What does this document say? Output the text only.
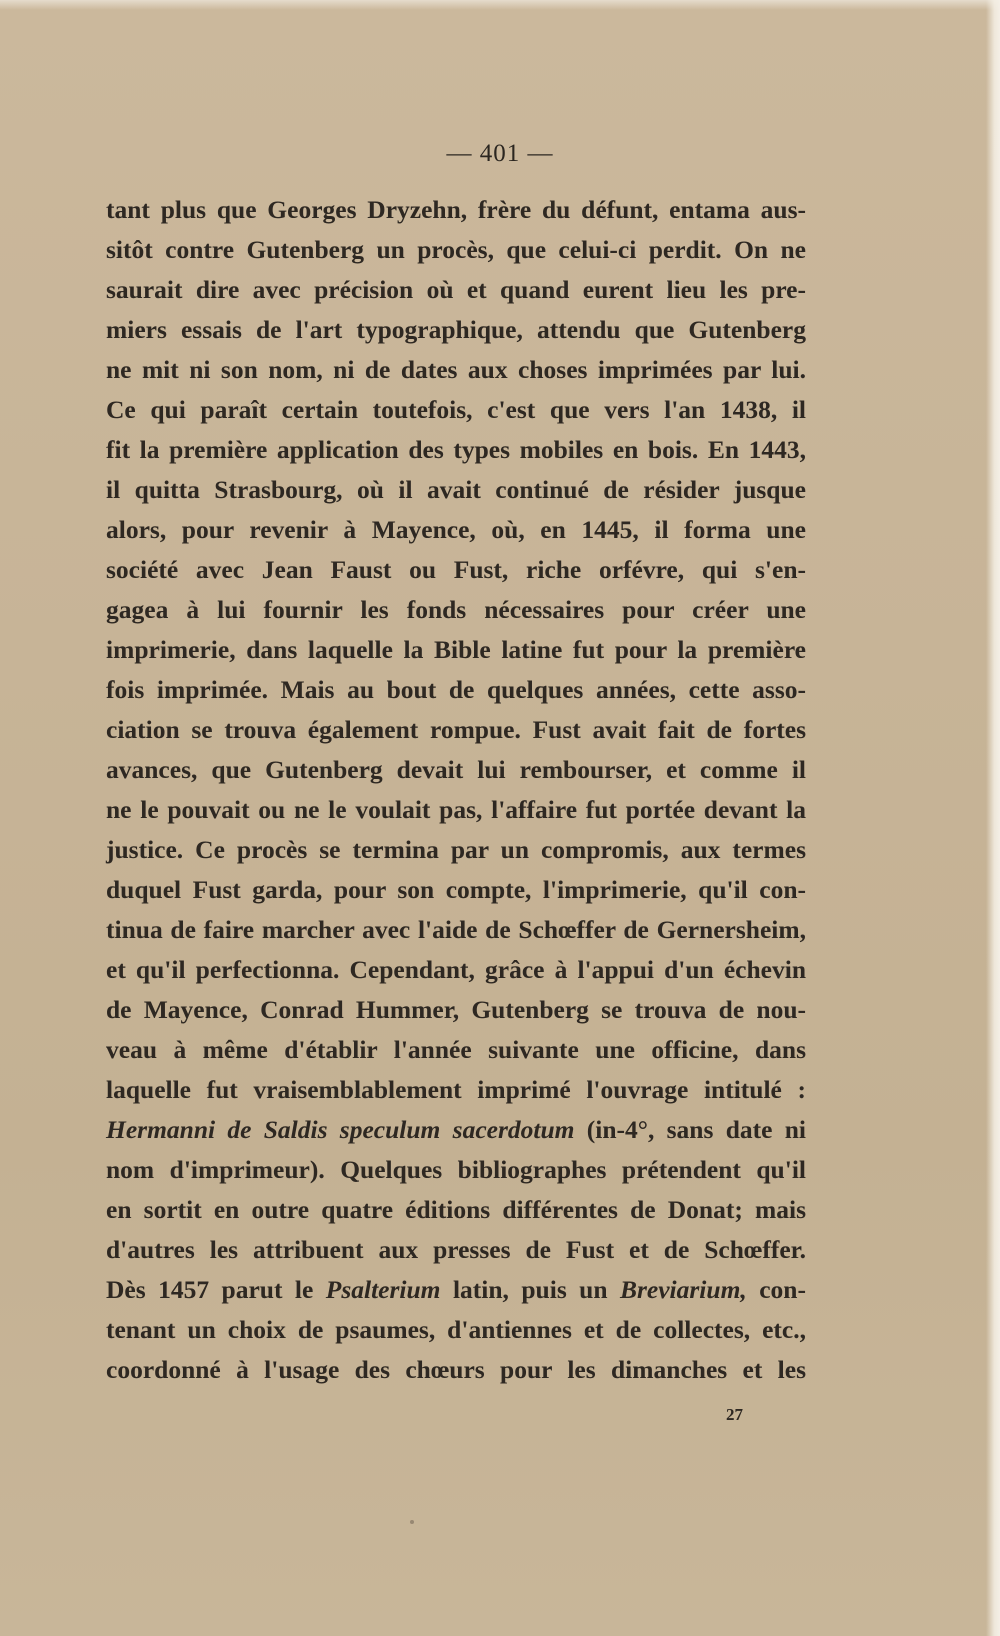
— 401 —
tant plus que Georges Dryzehn, frère du défunt, entama aus-
sitôt contre Gutenberg un procès, que celui-ci perdit. On ne
saurait dire avec précision où et quand eurent lieu les pre-
miers essais de l'art typographique, attendu que Gutenberg
ne mit ni son nom, ni de dates aux choses imprimées par lui.
Ce qui paraît certain toutefois, c'est que vers l'an 1438, il
fit la première application des types mobiles en bois. En 1443,
il quitta Strasbourg, où il avait continué de résider jusque
alors, pour revenir à Mayence, où, en 1445, il forma une
société avec Jean Faust ou Fust, riche orfévre, qui s'en-
gagea à lui fournir les fonds nécessaires pour créer une
imprimerie, dans laquelle la Bible latine fut pour la première
fois imprimée. Mais au bout de quelques années, cette asso-
ciation se trouva également rompue. Fust avait fait de fortes
avances, que Gutenberg devait lui rembourser, et comme il
ne le pouvait ou ne le voulait pas, l'affaire fut portée devant la
justice. Ce procès se termina par un compromis, aux termes
duquel Fust garda, pour son compte, l'imprimerie, qu'il con-
tinua de faire marcher avec l'aide de Schœffer de Gernersheim,
et qu'il perfectionna. Cependant, grâce à l'appui d'un échevin
de Mayence, Conrad Hummer, Gutenberg se trouva de nou-
veau à même d'établir l'année suivante une officine, dans
laquelle fut vraisemblablement imprimé l'ouvrage intitulé :
Hermanni de Saldis speculum sacerdotum (in-4°, sans date ni
nom d'imprimeur). Quelques bibliographes prétendent qu'il
en sortit en outre quatre éditions différentes de Donat; mais
d'autres les attribuent aux presses de Fust et de Schœffer.
Dès 1457 parut le Psalterium latin, puis un Breviarium, con-
tenant un choix de psaumes, d'antiennes et de collectes, etc.,
coordonné à l'usage des chœurs pour les dimanches et les
27
